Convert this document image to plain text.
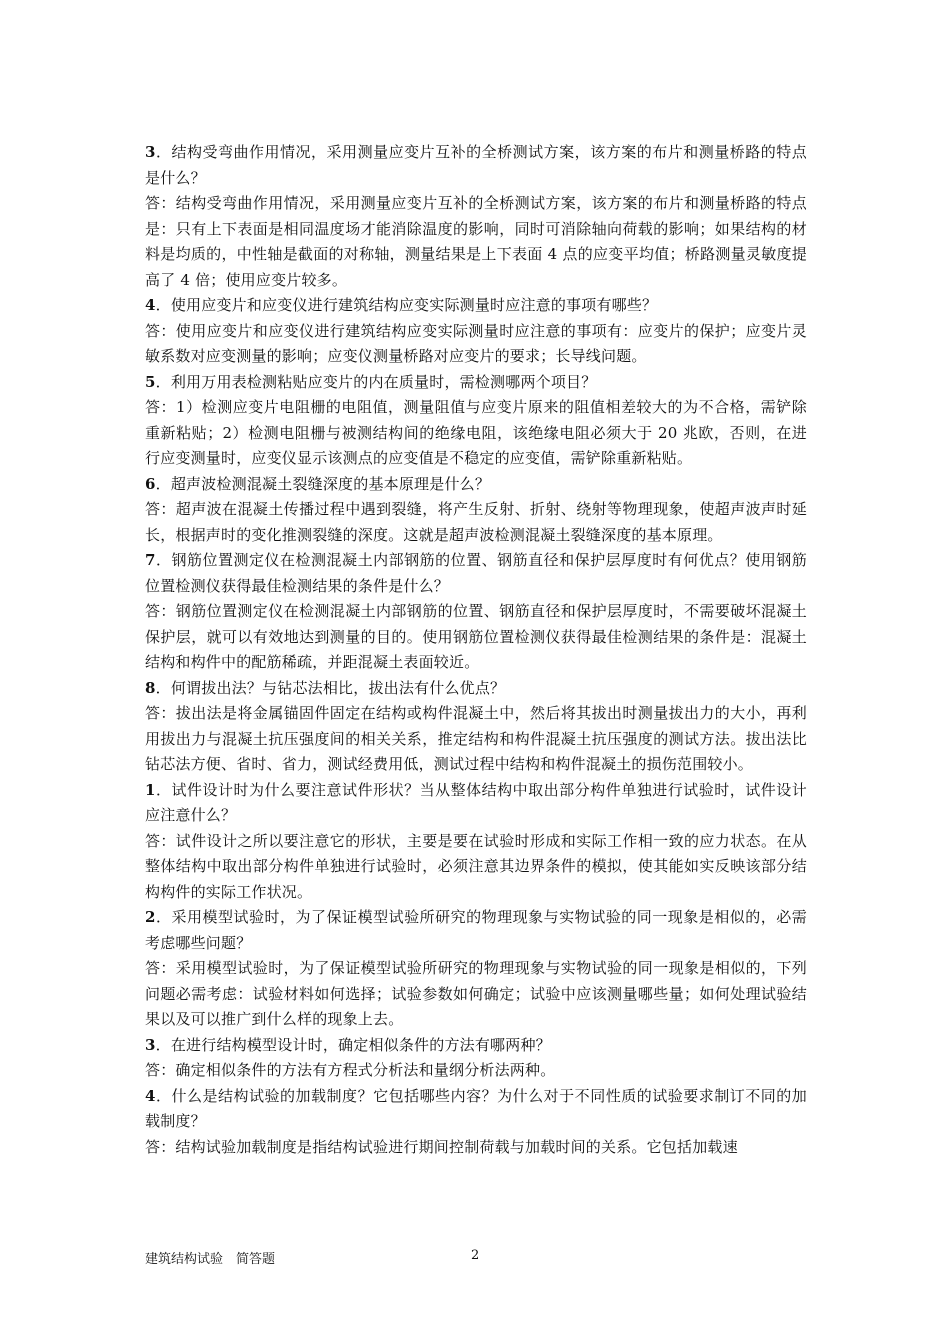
3．结构受弯曲作用情况，采用测量应变片互补的全桥测试方案，该方案的布片和测量桥路的特点是什么？

答：结构受弯曲作用情况，采用测量应变片互补的全桥测试方案，该方案的布片和测量桥路的特点是：只有上下表面是相同温度场才能消除温度的影响，同时可消除轴向荷载的影响；如果结构的材料是均质的，中性轴是截面的对称轴，测量结果是上下表面 4 点的应变平均值；桥路测量灵敏度提高了 4 倍；使用应变片较多。

4．使用应变片和应变仪进行建筑结构应变实际测量时应注意的事项有哪些？

答：使用应变片和应变仪进行建筑结构应变实际测量时应注意的事项有：应变片的保护；应变片灵敏系数对应变测量的影响；应变仪测量桥路对应变片的要求；长导线问题。

5．利用万用表检测粘贴应变片的内在质量时，需检测哪两个项目？

答：1）检测应变片电阻栅的电阻值，测量阻值与应变片原来的阻值相差较大的为不合格，需铲除重新粘贴；2）检测电阻栅与被测结构间的绝缘电阻，该绝缘电阻必须大于 20 兆欧，否则，在进行应变测量时，应变仪显示该测点的应变值是不稳定的应变值，需铲除重新粘贴。

6．超声波检测混凝土裂缝深度的基本原理是什么？

答：超声波在混凝土传播过程中遇到裂缝，将产生反射、折射、绕射等物理现象，使超声波声时延长，根据声时的变化推测裂缝的深度。这就是超声波检测混凝土裂缝深度的基本原理。

7．钢筋位置测定仪在检测混凝土内部钢筋的位置、钢筋直径和保护层厚度时有何优点？使用钢筋位置检测仪获得最佳检测结果的条件是什么？

答：钢筋位置测定仪在检测混凝土内部钢筋的位置、钢筋直径和保护层厚度时，不需要破坏混凝土保护层，就可以有效地达到测量的目的。使用钢筋位置检测仪获得最佳检测结果的条件是：混凝土结构和构件中的配筋稀疏，并距混凝土表面较近。

8．何谓拔出法？与钻芯法相比，拔出法有什么优点？

答：拔出法是将金属锚固件固定在结构或构件混凝土中，然后将其拔出时测量拔出力的大小，再利用拔出力与混凝土抗压强度间的相关关系，推定结构和构件混凝土抗压强度的测试方法。拔出法比钻芯法方便、省时、省力，测试经费用低，测试过程中结构和构件混凝土的损伤范围较小。

1．试件设计时为什么要注意试件形状？当从整体结构中取出部分构件单独进行试验时，试件设计应注意什么？

答：试件设计之所以要注意它的形状，主要是要在试验时形成和实际工作相一致的应力状态。在从整体结构中取出部分构件单独进行试验时，必须注意其边界条件的模拟，使其能如实反映该部分结构构件的实际工作状况。

2．采用模型试验时，为了保证模型试验所研究的物理现象与实物试验的同一现象是相似的，必需考虑哪些问题？

答：采用模型试验时，为了保证模型试验所研究的物理现象与实物试验的同一现象是相似的，下列问题必需考虑：试验材料如何选择；试验参数如何确定；试验中应该测量哪些量；如何处理试验结果以及可以推广到什么样的现象上去。

3．在进行结构模型设计时，确定相似条件的方法有哪两种？

答：确定相似条件的方法有方程式分析法和量纲分析法两种。

4．什么是结构试验的加载制度？它包括哪些内容？为什么对于不同性质的试验要求制订不同的加载制度？

答：结构试验加载制度是指结构试验进行期间控制荷载与加载时间的关系。它包括加载速

建筑结构试验　简答题	2
